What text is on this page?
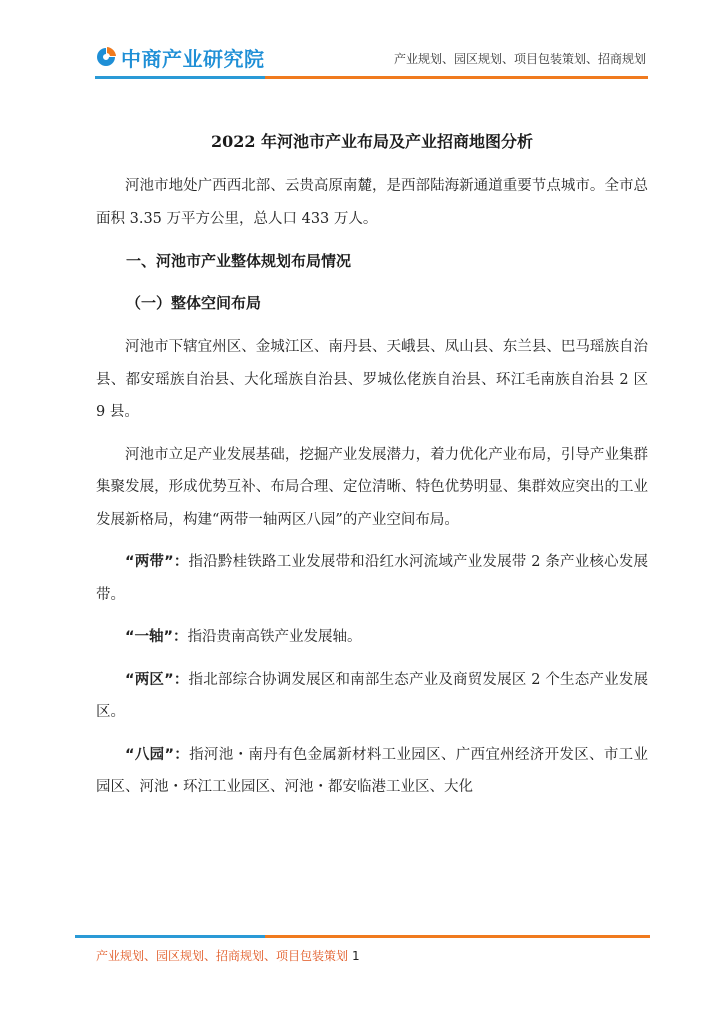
中商产业研究院	产业规划、园区规划、项目包装策划、招商规划
2022 年河池市产业布局及产业招商地图分析

河池市地处广西西北部、云贵高原南麓，是西部陆海新通道重要节点城市。全市总面积 3.35 万平方公里，总人口 433 万人。

一、河池市产业整体规划布局情况
（一）整体空间布局

河池市下辖宜州区、金城江区、南丹县、天峨县、凤山县、东兰县、巴马瑶族自治县、都安瑶族自治县、大化瑶族自治县、罗城仫佬族自治县、环江毛南族自治县 2 区 9 县。

河池市立足产业发展基础，挖掘产业发展潜力，着力优化产业布局，引导产业集群集聚发展，形成优势互补、布局合理、定位清晰、特色优势明显、集群效应突出的工业发展新格局，构建“两带一轴两区八园”的产业空间布局。

“两带”：指沿黔桂铁路工业发展带和沿红水河流域产业发展带 2 条产业核心发展带。

“一轴”：指沿贵南高铁产业发展轴。

“两区”：指北部综合协调发展区和南部生态产业及商贸发展区 2 个生态产业发展区。

“八园”：指河池・南丹有色金属新材料工业园区、广西宜州经济开发区、市工业园区、河池・环江工业园区、河池・都安临港工业区、大化

产业规划、园区规划、招商规划、项目包装策划 1
